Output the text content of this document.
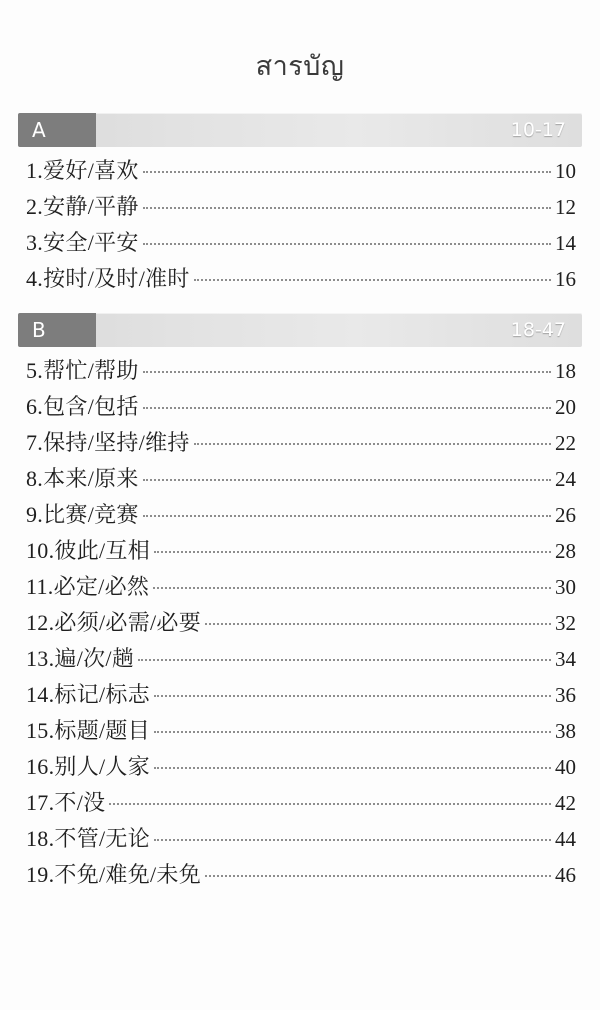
สารบัญ
A	10-17
1.爱好/喜欢	10
2.安静/平静	12
3.安全/平安	14
4.按时/及时/准时	16
B	18-47
5.帮忙/帮助	18
6.包含/包括	20
7.保持/坚持/维持	22
8.本来/原来	24
9.比赛/竞赛	26
10.彼此/互相	28
11.必定/必然	30
12.必须/必需/必要	32
13.遍/次/趟	34
14.标记/标志	36
15.标题/题目	38
16.别人/人家	40
17.不/没	42
18.不管/无论	44
19.不免/难免/未免	46
